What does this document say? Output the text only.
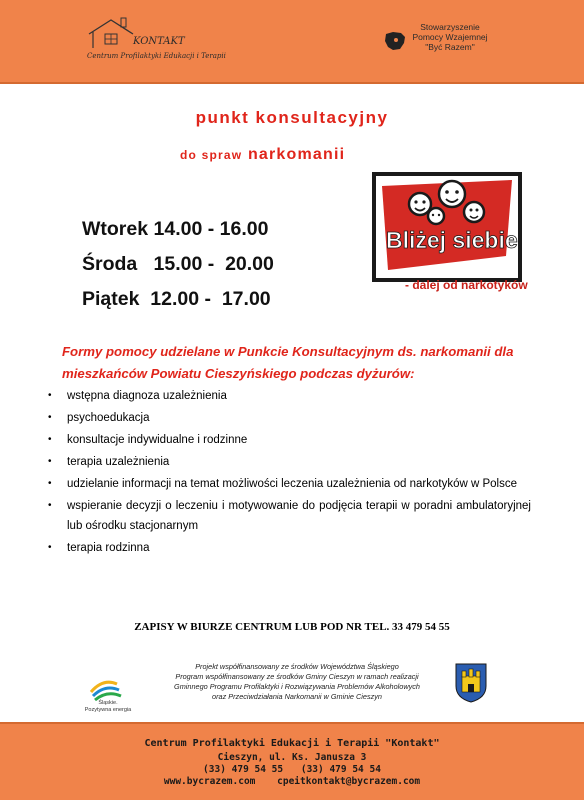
KONTAKT
Centrum Profilaktyki Edukacji i Terapii
Stowarzyszenie
Pomocy Wzajemnej
"Być Razem"
punkt konsultacyjny
do spraw narkomanii
Wtorek 14.00 - 16.00
Środa 15.00 -  20.00
Piątek 12.00 -  17.00
Bliżej siebie
- dalej od narkotyków
Formy pomocy udzielane w Punkcie Konsultacyjnym ds. narkomanii dla mieszkańców Powiatu Cieszyńskiego podczas dyżurów:
• wstępna diagnoza uzależnienia
• psychoedukacja
• konsultacje indywidualne i rodzinne
• terapia uzależnienia
• udzielanie informacji na temat możliwości leczenia uzależnienia od narkotyków w Polsce
• wspieranie decyzji o leczeniu i motywowanie do podjęcia terapii w poradni ambulatoryjnej lub ośrodku stacjonarnym
• terapia rodzinna
ZAPISY W BIURZE CENTRUM LUB POD NR TEL. 33 479 54 55
Śląskie.
Pozytywna energia
Projekt współfinansowany ze środków Województwa Śląskiego
Program współfinansowany ze środków Gminy Cieszyn w ramach realizacji
Gminnego Programu Profilaktyki i Rozwiązywania Problemów Alkoholowych
oraz Przeciwdziałania Narkomanii w Gminie Cieszyn
Centrum Profilaktyki Edukacji i Terapii "Kontakt"
Cieszyn, ul. Ks. Janusza 3
(33) 479 54 55 (33) 479 54 54
www.bycrazem.com cpeitkontakt@bycrazem.com
